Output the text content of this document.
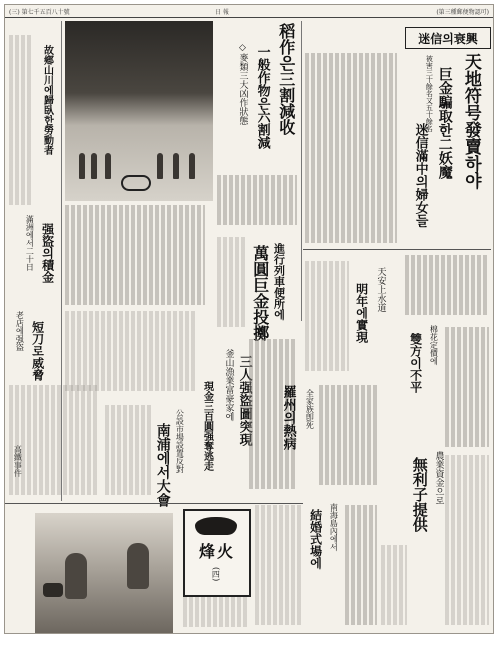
(三) 第七千五百八十號	日 報	(第三種郵便物認可)
迷信의衰興
天地符号發賣하야
巨金騙取한二妖魔
迷信滿中의婦女들
被害三十餘名又五十餘名
稻作은三割減收
一般作物은六割減
◇麥類三大凶作狀態
進行列車便所에
萬圓巨金投擲
三人强盜圖突現
釜山漁業富豪家에
現金三百圓强奪逃走
南浦에서大會 公設市場設置反對	羅州의熱病 全家族卽死
明年에實現 天安上水道
雙方이不平 棉花定價에
無利子提供 農業資金으로
結婚式場에 南海島內에서
故鄕山川에歸臥한勞動者
强盜의積金
滿洲에서二十日
短刀로威脅
老店에强盜
高鐵事件

烽火

(四)
